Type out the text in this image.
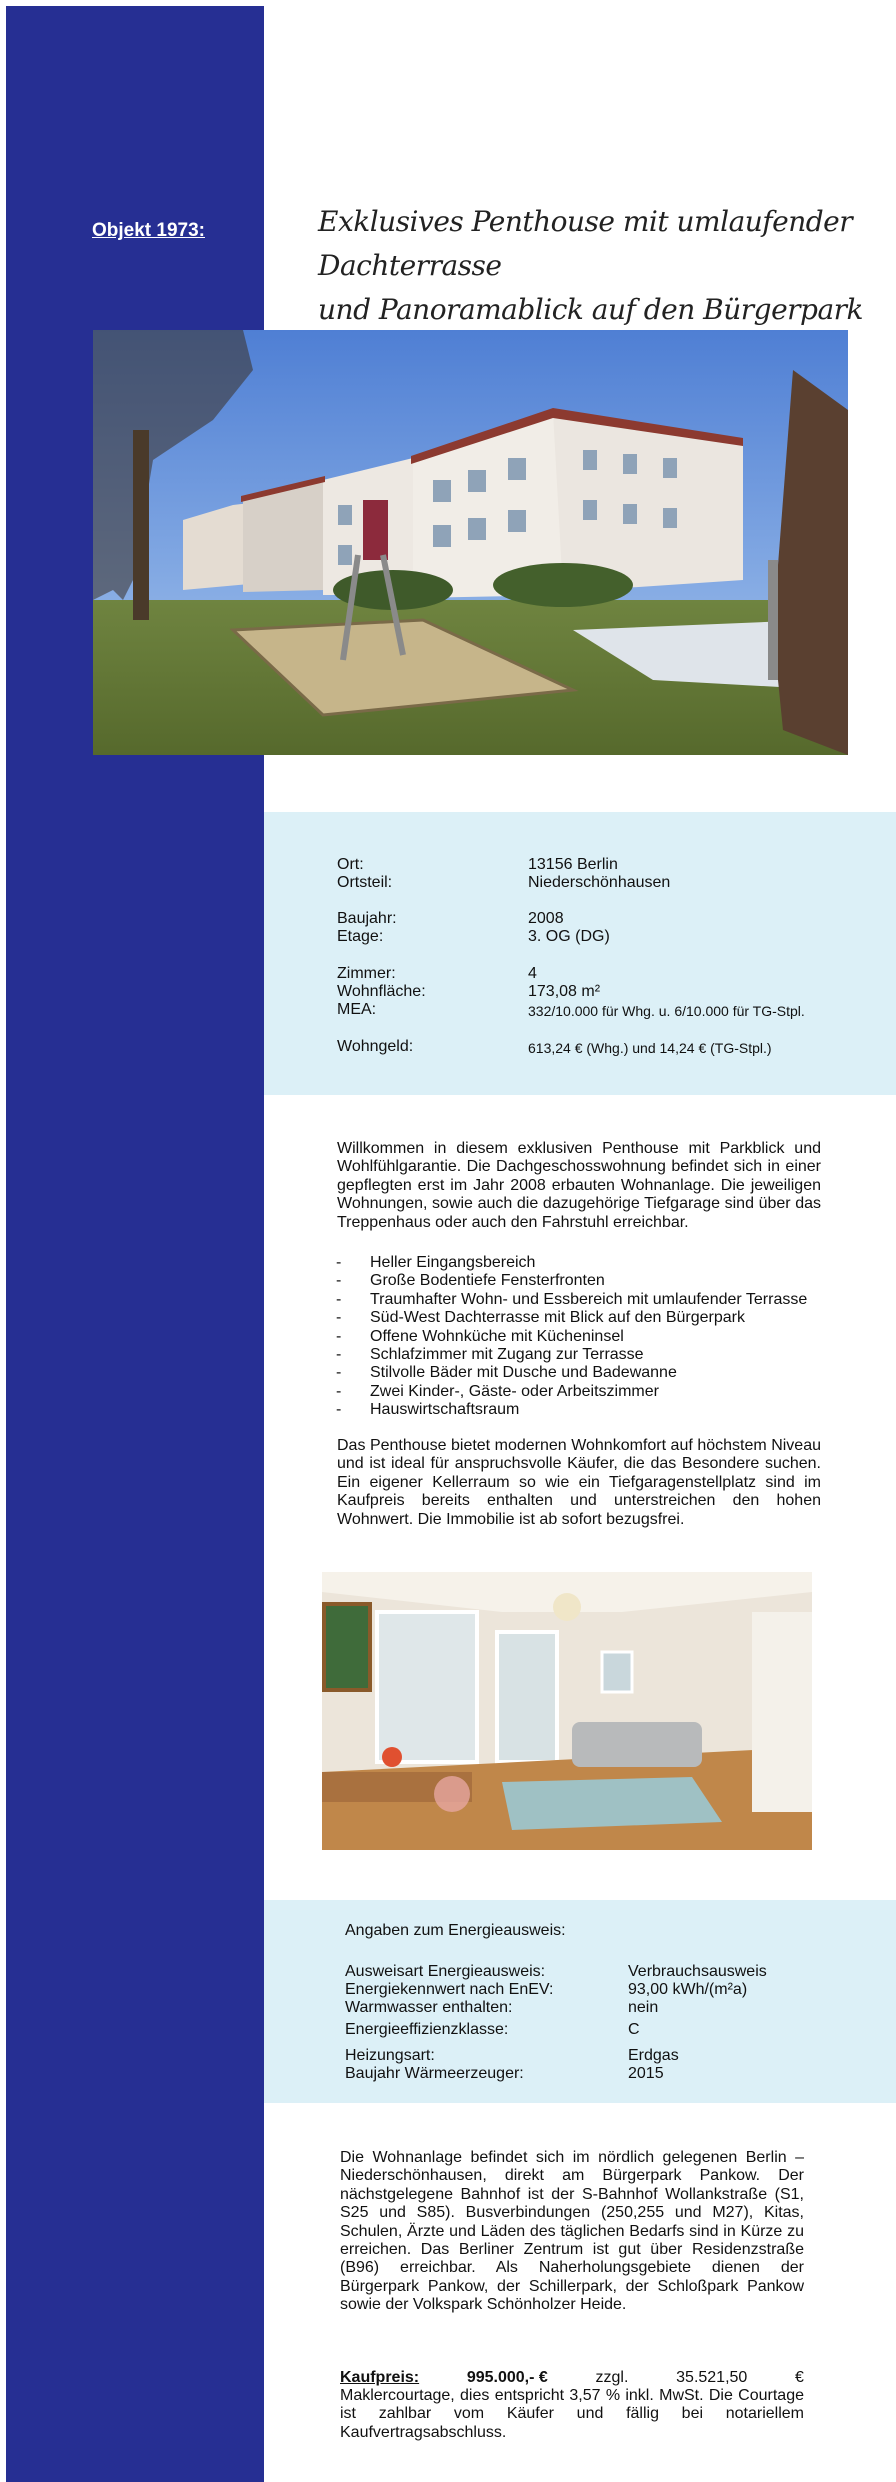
Objekt 1973:	Exklusives Penthouse mit umlaufender Dachterrasse
und Panoramablick auf den Bürgerpark
Ort:	13156 Berlin
Ortsteil:	Niederschönhausen
Baujahr:	2008
Etage:	3. OG (DG)
Zimmer:	4
Wohnfläche:	173,08 m²
MEA:	332/10.000 für Whg. u. 6/10.000 für TG-Stpl.
Wohngeld:	613,24 € (Whg.) und 14,24 € (TG-Stpl.)
Willkommen in diesem exklusiven Penthouse mit Parkblick und Wohlfühlgarantie. Die Dachgeschosswohnung befindet sich in einer gepflegten erst im Jahr 2008 erbauten Wohnanlage. Die jeweiligen Wohnungen, sowie auch die dazugehörige Tiefgarage sind über das Treppenhaus oder auch den Fahrstuhl erreichbar.
- Heller Eingangsbereich
- Große Bodentiefe Fensterfronten
- Traumhafter Wohn- und Essbereich mit umlaufender Terrasse
- Süd-West Dachterrasse mit Blick auf den Bürgerpark
- Offene Wohnküche mit Kücheninsel
- Schlafzimmer mit Zugang zur Terrasse
- Stilvolle Bäder mit Dusche und Badewanne
- Zwei Kinder-, Gäste- oder Arbeitszimmer
- Hauswirtschaftsraum
Das Penthouse bietet modernen Wohnkomfort auf höchstem Niveau und ist ideal für anspruchsvolle Käufer, die das Besondere suchen. Ein eigener Kellerraum so wie ein Tiefgaragenstellplatz sind im Kaufpreis bereits enthalten und unterstreichen den hohen Wohnwert. Die Immobilie ist ab sofort bezugsfrei.
Angaben zum Energieausweis:
Ausweisart Energieausweis:	Verbrauchsausweis
Energiekennwert nach EnEV:	93,00 kWh/(m²a)
Warmwasser enthalten:	nein
Energieeffizienzklasse:	C
Heizungsart:	Erdgas
Baujahr Wärmeerzeuger:	2015
Die Wohnanlage befindet sich im nördlich gelegenen Berlin – Niederschönhausen, direkt am Bürgerpark Pankow. Der nächstgelegene Bahnhof ist der S-Bahnhof Wollankstraße (S1, S25 und S85). Busverbindungen (250,255 und M27), Kitas, Schulen, Ärzte und Läden des täglichen Bedarfs sind in Kürze zu erreichen. Das Berliner Zentrum ist gut über Residenzstraße (B96) erreichbar. Als Naherholungsgebiete dienen der Bürgerpark Pankow, der Schillerpark, der Schloßpark Pankow sowie der Volkspark Schönholzer Heide.
Kaufpreis:	995.000,- €	zzgl.	35.521,50	€
Maklercourtage, dies entspricht 3,57 % inkl. MwSt. Die Courtage ist zahlbar vom Käufer und fällig bei notariellem Kaufvertragsabschluss.
